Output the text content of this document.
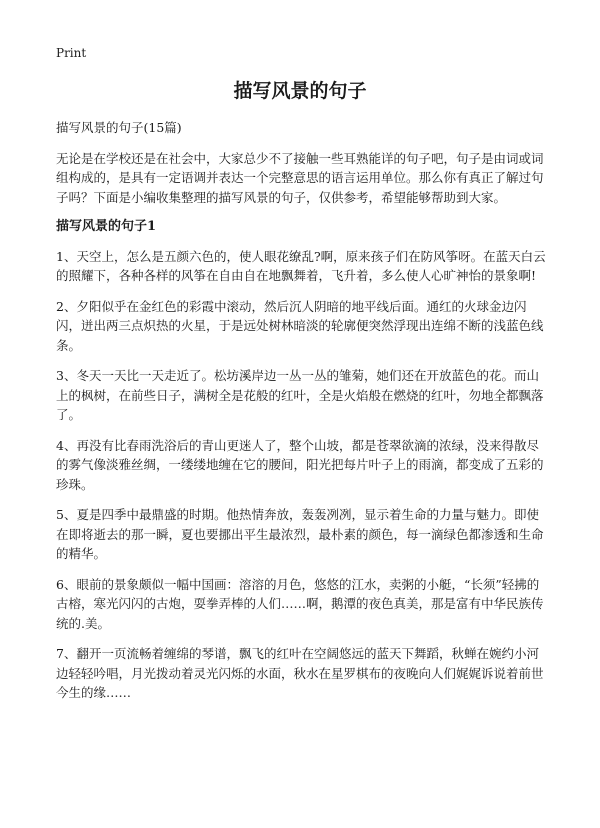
Print
描写风景的句子

描写风景的句子(15篇)

无论是在学校还是在社会中，大家总少不了接触一些耳熟能详的句子吧，句子是由词或词组构成的，是具有一定语调并表达一个完整意思的语言运用单位。那么你有真正了解过句子吗？下面是小编收集整理的描写风景的句子，仅供参考，希望能够帮助到大家。

描写风景的句子1

1、天空上，怎么是五颜六色的，使人眼花缭乱?啊，原来孩子们在防风筝呀。在蓝天白云的照耀下，各种各样的风筝在自由自在地飘舞着，飞升着，多么使人心旷神怡的景象啊!

2、夕阳似乎在金红色的彩霞中滚动，然后沉人阴暗的地平线后面。通红的火球金边闪闪，迸出两三点炽热的火星，于是远处树林暗淡的轮廓便突然浮现出连绵不断的浅蓝色线条。

3、冬天一天比一天走近了。松坊溪岸边一丛一丛的雏菊，她们还在开放蓝色的花。而山上的枫树，在前些日子，满树全是花般的红叶，全是火焰般在燃烧的红叶，勿地全都飘落了。

4、再没有比春雨洗浴后的青山更迷人了，整个山坡，都是苍翠欲滴的浓绿，没来得散尽的雾气像淡雅丝绸，一缕缕地缠在它的腰间，阳光把每片叶子上的雨滴，都变成了五彩的珍珠。

5、夏是四季中最鼎盛的时期。他热情奔放，轰轰冽冽，显示着生命的力量与魅力。即使在即将逝去的那一瞬，夏也要挪出平生最浓烈，最朴素的颜色，每一滴绿色都渗透和生命的精华。

6、眼前的景象颇似一幅中国画：溶溶的月色，悠悠的江水，卖粥的小艇，“长须”轻拂的古榕，寒光闪闪的古炮，耍拳弄棒的人们……啊，鹅潭的夜色真美，那是富有中华民族传统的.美。

7、翻开一页流畅着缠绵的琴谱，飘飞的红叶在空阔悠远的蓝天下舞蹈，秋蝉在婉约小河边轻轻吟唱，月光拨动着灵光闪烁的水面，秋水在星罗棋布的夜晚向人们娓娓诉说着前世今生的缘……
